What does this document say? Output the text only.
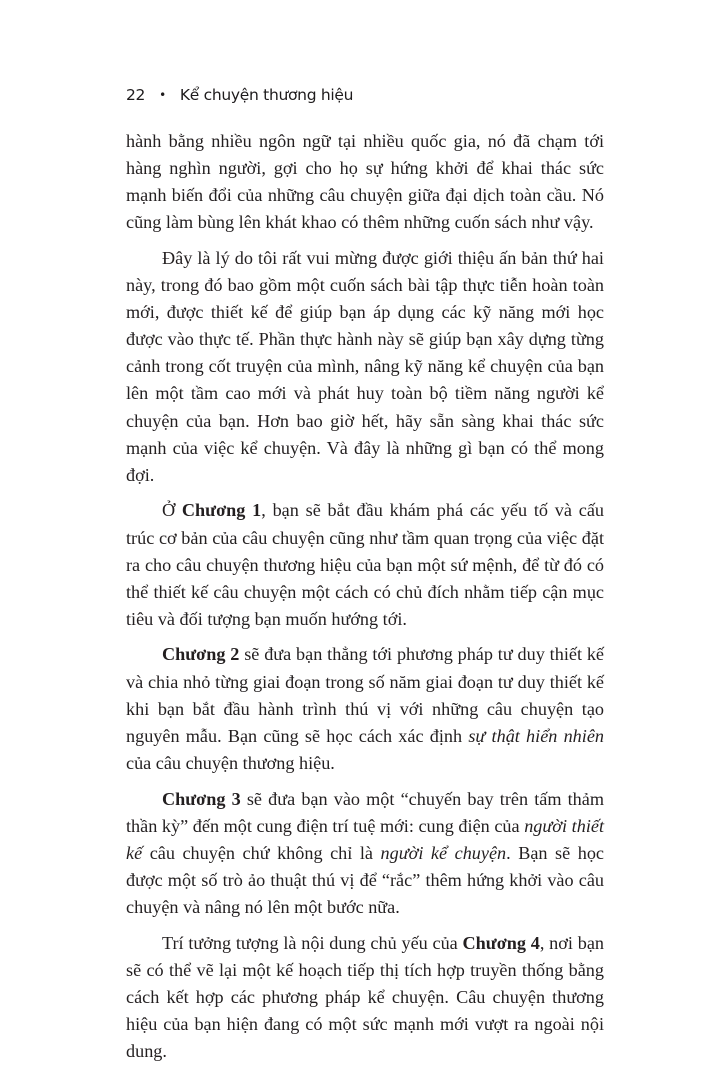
22 • Kể chuyện thương hiệu

hành bằng nhiều ngôn ngữ tại nhiều quốc gia, nó đã chạm tới hàng nghìn người, gợi cho họ sự hứng khởi để khai thác sức mạnh biến đổi của những câu chuyện giữa đại dịch toàn cầu. Nó cũng làm bùng lên khát khao có thêm những cuốn sách như vậy.

Đây là lý do tôi rất vui mừng được giới thiệu ấn bản thứ hai này, trong đó bao gồm một cuốn sách bài tập thực tiễn hoàn toàn mới, được thiết kế để giúp bạn áp dụng các kỹ năng mới học được vào thực tế. Phần thực hành này sẽ giúp bạn xây dựng từng cảnh trong cốt truyện của mình, nâng kỹ năng kể chuyện của bạn lên một tầm cao mới và phát huy toàn bộ tiềm năng người kể chuyện của bạn. Hơn bao giờ hết, hãy sẵn sàng khai thác sức mạnh của việc kể chuyện. Và đây là những gì bạn có thể mong đợi.

Ở Chương 1, bạn sẽ bắt đầu khám phá các yếu tố và cấu trúc cơ bản của câu chuyện cũng như tầm quan trọng của việc đặt ra cho câu chuyện thương hiệu của bạn một sứ mệnh, để từ đó có thể thiết kế câu chuyện một cách có chủ đích nhằm tiếp cận mục tiêu và đối tượng bạn muốn hướng tới.

Chương 2 sẽ đưa bạn thẳng tới phương pháp tư duy thiết kế và chia nhỏ từng giai đoạn trong số năm giai đoạn tư duy thiết kế khi bạn bắt đầu hành trình thú vị với những câu chuyện tạo nguyên mẫu. Bạn cũng sẽ học cách xác định sự thật hiển nhiên của câu chuyện thương hiệu.

Chương 3 sẽ đưa bạn vào một “chuyến bay trên tấm thảm thần kỳ” đến một cung điện trí tuệ mới: cung điện của người thiết kế câu chuyện chứ không chỉ là người kể chuyện. Bạn sẽ học được một số trò ảo thuật thú vị để “rắc” thêm hứng khởi vào câu chuyện và nâng nó lên một bước nữa.

Trí tưởng tượng là nội dung chủ yếu của Chương 4, nơi bạn sẽ có thể vẽ lại một kế hoạch tiếp thị tích hợp truyền thống bằng cách kết hợp các phương pháp kể chuyện. Câu chuyện thương hiệu của bạn hiện đang có một sức mạnh mới vượt ra ngoài nội dung.
